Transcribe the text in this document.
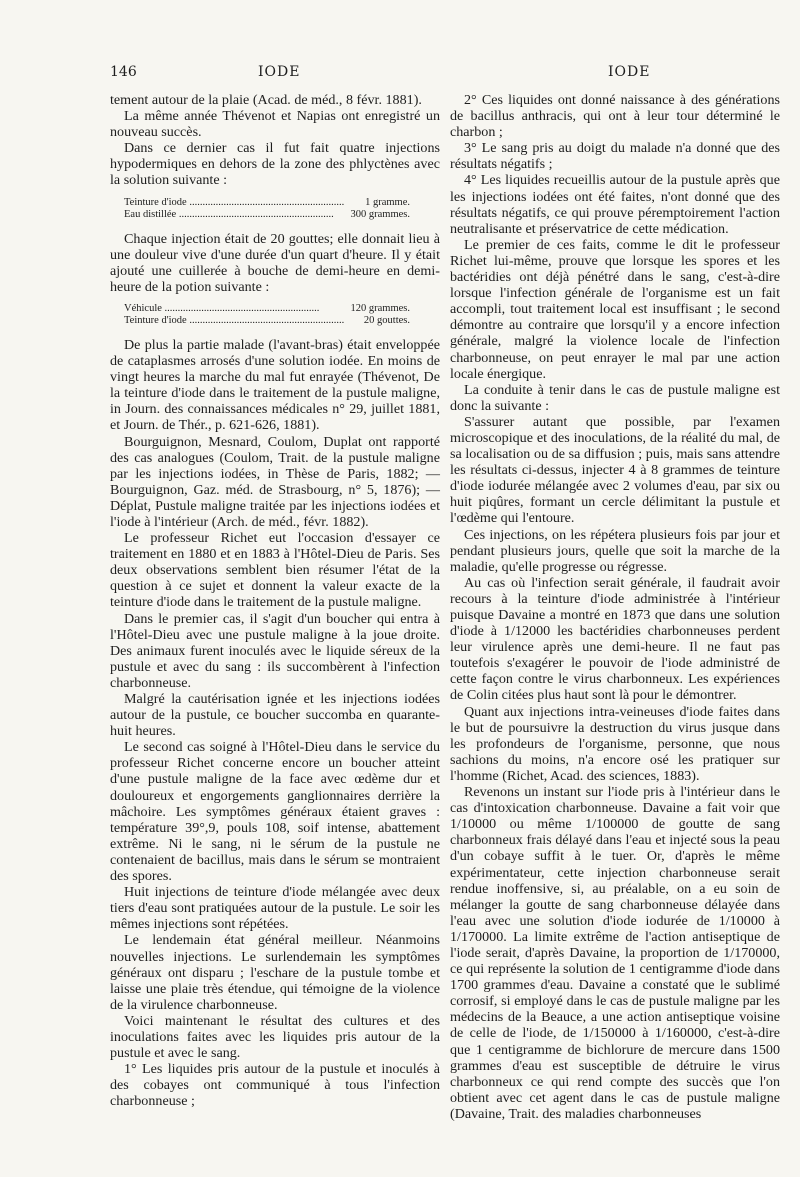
146	IODE	IODE

tement autour de la plaie (Acad. de méd., 8 févr. 1881).

La même année Thévenot et Napias ont enregistré un nouveau succès.

Dans ce dernier cas il fut fait quatre injections hypodermiques en dehors de la zone des phlyctènes avec la solution suivante :

Teinture d'iode .....	1 gramme.
Eau distillée .....	300 grammes.

Chaque injection était de 20 gouttes; elle donnait lieu à une douleur vive d'une durée d'un quart d'heure. Il y était ajouté une cuillerée à bouche de demi-heure en demi-heure de la potion suivante :

Véhicule .....	120 grammes.
Teinture d'iode .....	20 gouttes.

De plus la partie malade (l'avant-bras) était enveloppée de cataplasmes arrosés d'une solution iodée. En moins de vingt heures la marche du mal fut enrayée (Thévenot, De la teinture d'iode dans le traitement de la pustule maligne, in Journ. des connaissances médicales n° 29, juillet 1881, et Journ. de Thér., p. 621-626, 1881).

Bourguignon, Mesnard, Coulom, Duplat ont rapporté des cas analogues (Coulom, Trait. de la pustule maligne par les injections iodées, in Thèse de Paris, 1882; — Bourguignon, Gaz. méd. de Strasbourg, n° 5, 1876); — Déplat, Pustule maligne traitée par les injections iodées et l'iode à l'intérieur (Arch. de méd., févr. 1882).

Le professeur Richet eut l'occasion d'essayer ce traitement en 1880 et en 1883 à l'Hôtel-Dieu de Paris. Ses deux observations semblent bien résumer l'état de la question à ce sujet et donnent la valeur exacte de la teinture d'iode dans le traitement de la pustule maligne.

Dans le premier cas, il s'agit d'un boucher qui entra à l'Hôtel-Dieu avec une pustule maligne à la joue droite. Des animaux furent inoculés avec le liquide séreux de la pustule et avec du sang : ils succombèrent à l'infection charbonneuse.

Malgré la cautérisation ignée et les injections iodées autour de la pustule, ce boucher succomba en quarante-huit heures.

Le second cas soigné à l'Hôtel-Dieu dans le service du professeur Richet concerne encore un boucher atteint d'une pustule maligne de la face avec œdème dur et douloureux et engorgements ganglionnaires derrière la mâchoire. Les symptômes généraux étaient graves : température 39°,9, pouls 108, soif intense, abattement extrême. Ni le sang, ni le sérum de la pustule ne contenaient de bacillus, mais dans le sérum se montraient des spores.

Huit injections de teinture d'iode mélangée avec deux tiers d'eau sont pratiquées autour de la pustule. Le soir les mêmes injections sont répétées.

Le lendemain état général meilleur. Néanmoins nouvelles injections. Le surlendemain les symptômes généraux ont disparu ; l'eschare de la pustule tombe et laisse une plaie très étendue, qui témoigne de la violence de la virulence charbonneuse.

Voici maintenant le résultat des cultures et des inoculations faites avec les liquides pris autour de la pustule et avec le sang.

1° Les liquides pris autour de la pustule et inoculés à des cobayes ont communiqué à tous l'infection charbonneuse ;

2° Ces liquides ont donné naissance à des générations de bacillus anthracis, qui ont à leur tour déterminé le charbon ;

3° Le sang pris au doigt du malade n'a donné que des résultats négatifs ;

4° Les liquides recueillis autour de la pustule après que les injections iodées ont été faites, n'ont donné que des résultats négatifs, ce qui prouve péremptoirement l'action neutralisante et préservatrice de cette médication.

Le premier de ces faits, comme le dit le professeur Richet lui-même, prouve que lorsque les spores et les bactéridies ont déjà pénétré dans le sang, c'est-à-dire lorsque l'infection générale de l'organisme est un fait accompli, tout traitement local est insuffisant ; le second démontre au contraire que lorsqu'il y a encore infection générale, malgré la violence locale de l'infection charbonneuse, on peut enrayer le mal par une action locale énergique.

La conduite à tenir dans le cas de pustule maligne est donc la suivante :

S'assurer autant que possible, par l'examen microscopique et des inoculations, de la réalité du mal, de sa localisation ou de sa diffusion ; puis, mais sans attendre les résultats ci-dessus, injecter 4 à 8 grammes de teinture d'iode iodurée mélangée avec 2 volumes d'eau, par six ou huit piqûres, formant un cercle délimitant la pustule et l'œdème qui l'entoure.

Ces injections, on les répétera plusieurs fois par jour et pendant plusieurs jours, quelle que soit la marche de la maladie, qu'elle progresse ou régresse.

Au cas où l'infection serait générale, il faudrait avoir recours à la teinture d'iode administrée à l'intérieur puisque Davaine a montré en 1873 que dans une solution d'iode à 1/12000 les bactéridies charbonneuses perdent leur virulence après une demi-heure. Il ne faut pas toutefois s'exagérer le pouvoir de l'iode administré de cette façon contre le virus charbonneux. Les expériences de Colin citées plus haut sont là pour le démontrer.

Quant aux injections intra-veineuses d'iode faites dans le but de poursuivre la destruction du virus jusque dans les profondeurs de l'organisme, personne, que nous sachions du moins, n'a encore osé les pratiquer sur l'homme (Richet, Acad. des sciences, 1883).

Revenons un instant sur l'iode pris à l'intérieur dans le cas d'intoxication charbonneuse. Davaine a fait voir que 1/10000 ou même 1/100000 de goutte de sang charbonneux frais délayé dans l'eau et injecté sous la peau d'un cobaye suffit à le tuer. Or, d'après le même expérimentateur, cette injection charbonneuse serait rendue inoffensive, si, au préalable, on a eu soin de mélanger la goutte de sang charbonneuse délayée dans l'eau avec une solution d'iode iodurée de 1/10000 à 1/170000. La limite extrême de l'action antiseptique de l'iode serait, d'après Davaine, la proportion de 1/170000, ce qui représente la solution de 1 centigramme d'iode dans 1700 grammes d'eau. Davaine a constaté que le sublimé corrosif, si employé dans le cas de pustule maligne par les médecins de la Beauce, a une action antiseptique voisine de celle de l'iode, de 1/150000 à 1/160000, c'est-à-dire que 1 centigramme de bichlorure de mercure dans 1500 grammes d'eau est susceptible de détruire le virus charbonneux ce qui rend compte des succès que l'on obtient avec cet agent dans le cas de pustule maligne (Davaine, Trait. des maladies charbonneuses
